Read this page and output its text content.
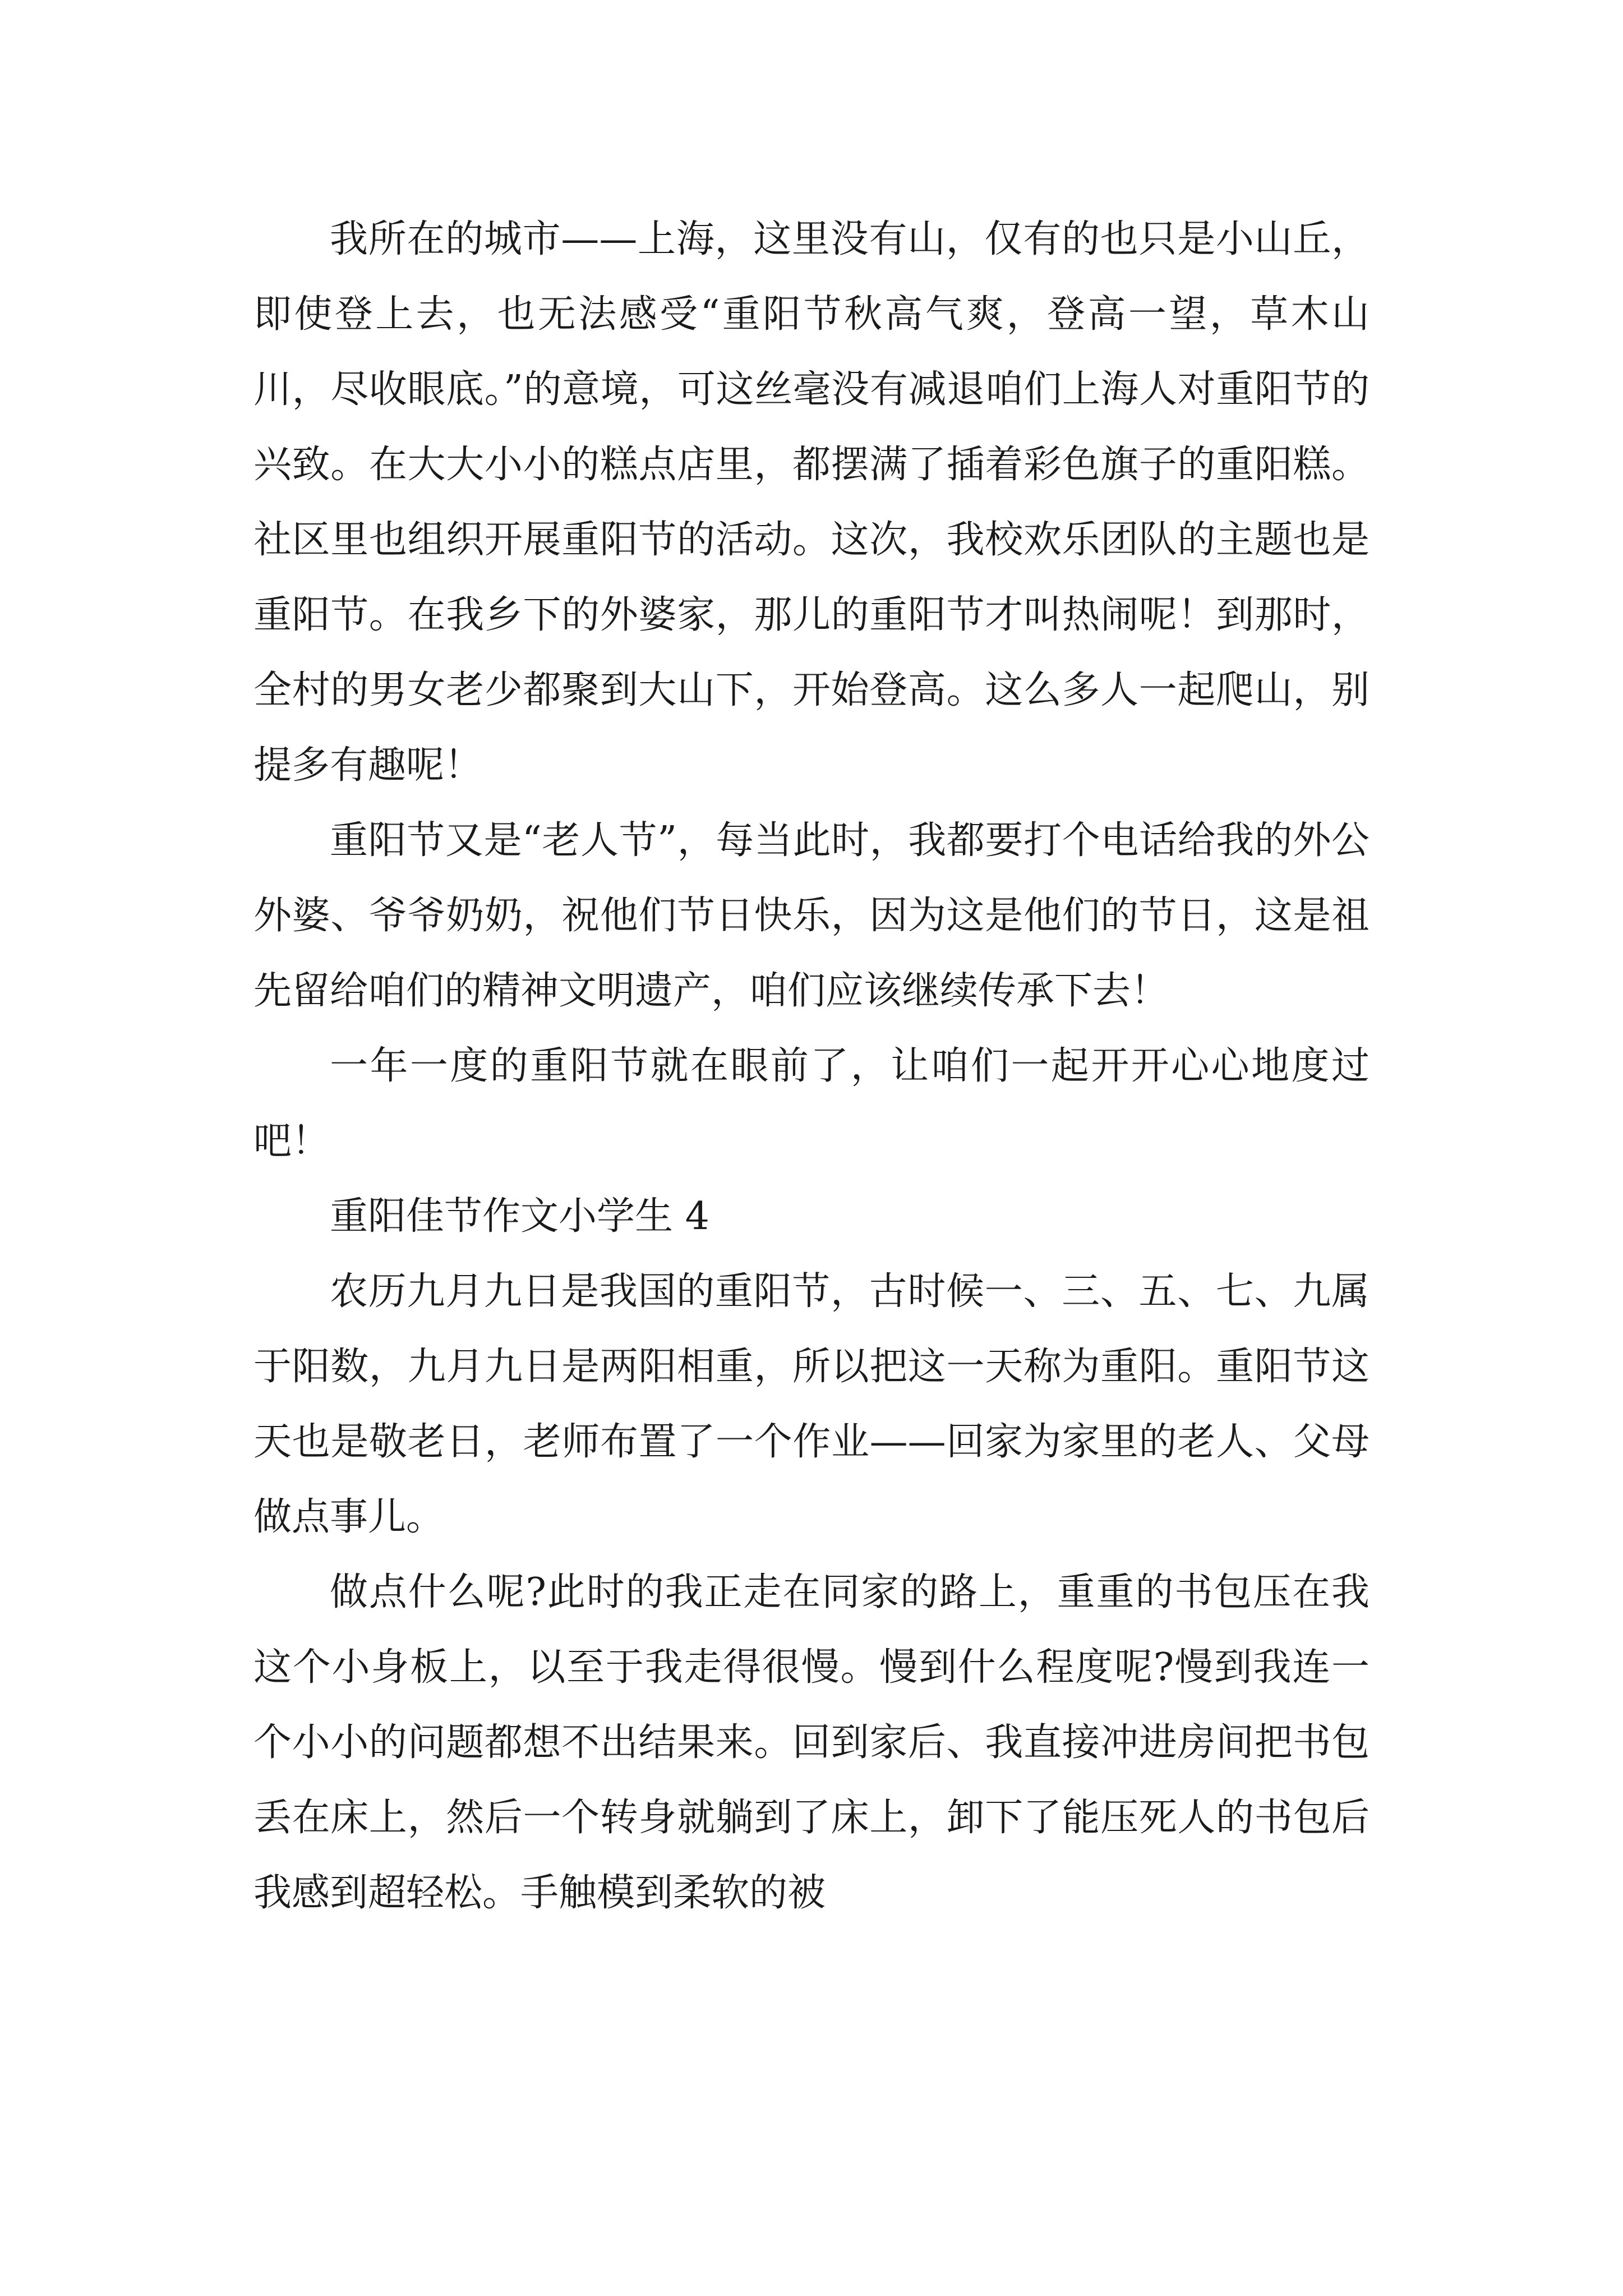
我所在的城市——上海，这里没有山，仅有的也只是小山丘，即使登上去，也无法感受“重阳节秋高气爽，登高一望，草木山川，尽收眼底。”的意境，可这丝毫没有减退咱们上海人对重阳节的兴致。在大大小小的糕点店里，都摆满了插着彩色旗子的重阳糕。社区里也组织开展重阳节的活动。这次，我校欢乐团队的主题也是重阳节。在我乡下的外婆家，那儿的重阳节才叫热闹呢！到那时，全村的男女老少都聚到大山下，开始登高。这么多人一起爬山，别提多有趣呢！

重阳节又是“老人节”，每当此时，我都要打个电话给我的外公外婆、爷爷奶奶，祝他们节日快乐，因为这是他们的节日，这是祖先留给咱们的精神文明遗产，咱们应该继续传承下去！

一年一度的重阳节就在眼前了，让咱们一起开开心心地度过吧！

重阳佳节作文小学生 4

农历九月九日是我国的重阳节，古时候一、三、五、七、九属于阳数，九月九日是两阳相重，所以把这一天称为重阳。重阳节这天也是敬老日，老师布置了一个作业——回家为家里的老人、父母做点事儿。

做点什么呢?此时的我正走在同家的路上，重重的书包压在我这个小身板上，以至于我走得很慢。慢到什么程度呢?慢到我连一个小小的问题都想不出结果来。回到家后、我直接冲进房间把书包丢在床上，然后一个转身就躺到了床上，卸下了能压死人的书包后我感到超轻松。手触模到柔软的被
